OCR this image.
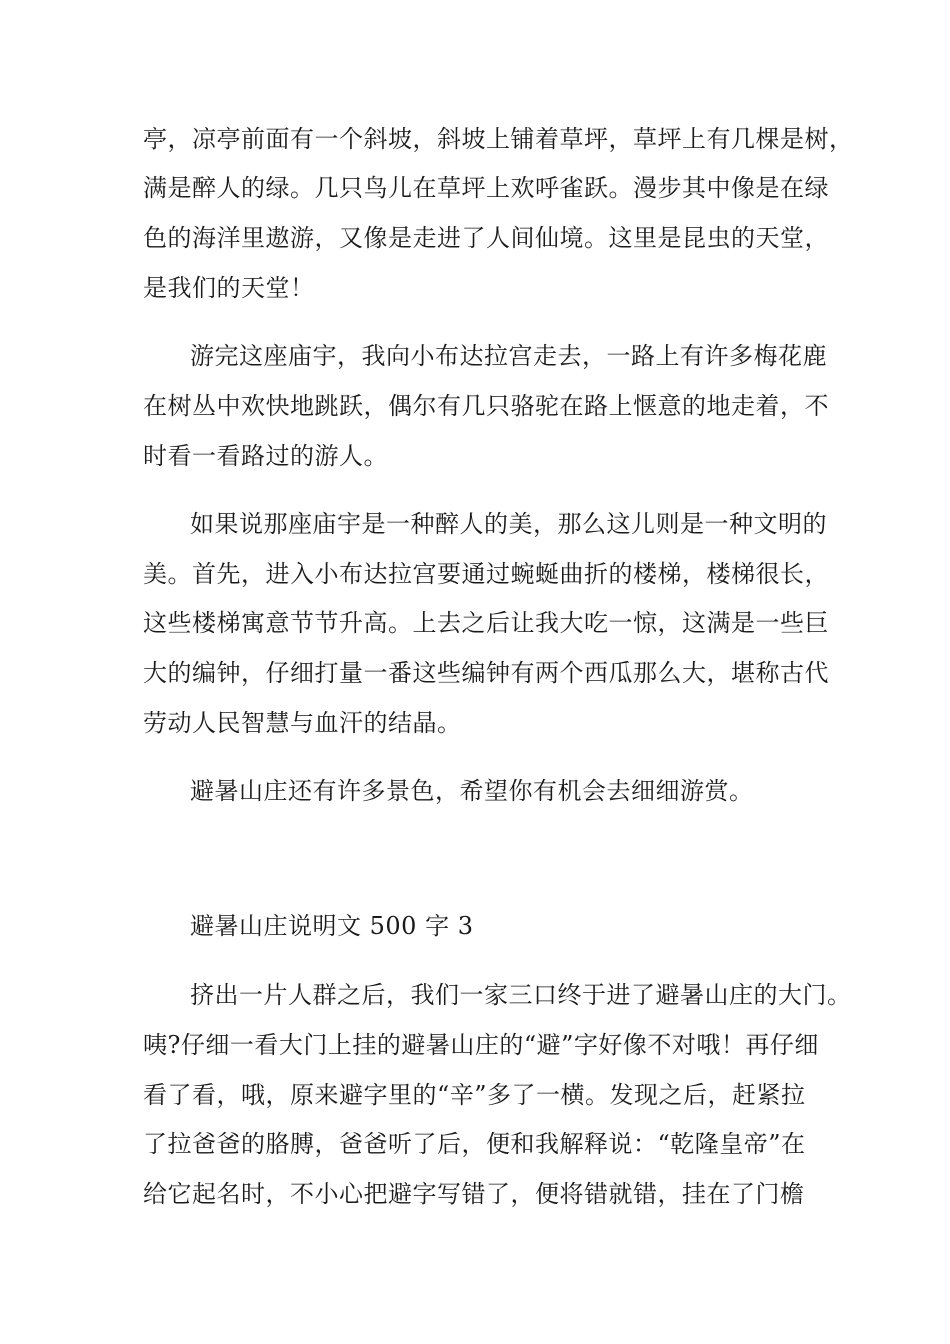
亭，凉亭前面有一个斜坡，斜坡上铺着草坪，草坪上有几棵是树，
满是醉人的绿。几只鸟儿在草坪上欢呼雀跃。漫步其中像是在绿
色的海洋里遨游，又像是走进了人间仙境。这里是昆虫的天堂，
是我们的天堂！
游完这座庙宇，我向小布达拉宫走去，一路上有许多梅花鹿
在树丛中欢快地跳跃，偶尔有几只骆驼在路上惬意的地走着，不
时看一看路过的游人。
如果说那座庙宇是一种醉人的美，那么这儿则是一种文明的
美。首先，进入小布达拉宫要通过蜿蜒曲折的楼梯，楼梯很长，
这些楼梯寓意节节升高。上去之后让我大吃一惊，这满是一些巨
大的编钟，仔细打量一番这些编钟有两个西瓜那么大，堪称古代
劳动人民智慧与血汗的结晶。
避暑山庄还有许多景色，希望你有机会去细细游赏。
避暑山庄说明文 500 字 3
挤出一片人群之后，我们一家三口终于进了避暑山庄的大门。
咦?仔细一看大门上挂的避暑山庄的“避”字好像不对哦！再仔细
看了看，哦，原来避字里的“辛”多了一横。发现之后，赶紧拉
了拉爸爸的胳膊，爸爸听了后，便和我解释说：“乾隆皇帝”在
给它起名时，不小心把避字写错了，便将错就错，挂在了门檐
